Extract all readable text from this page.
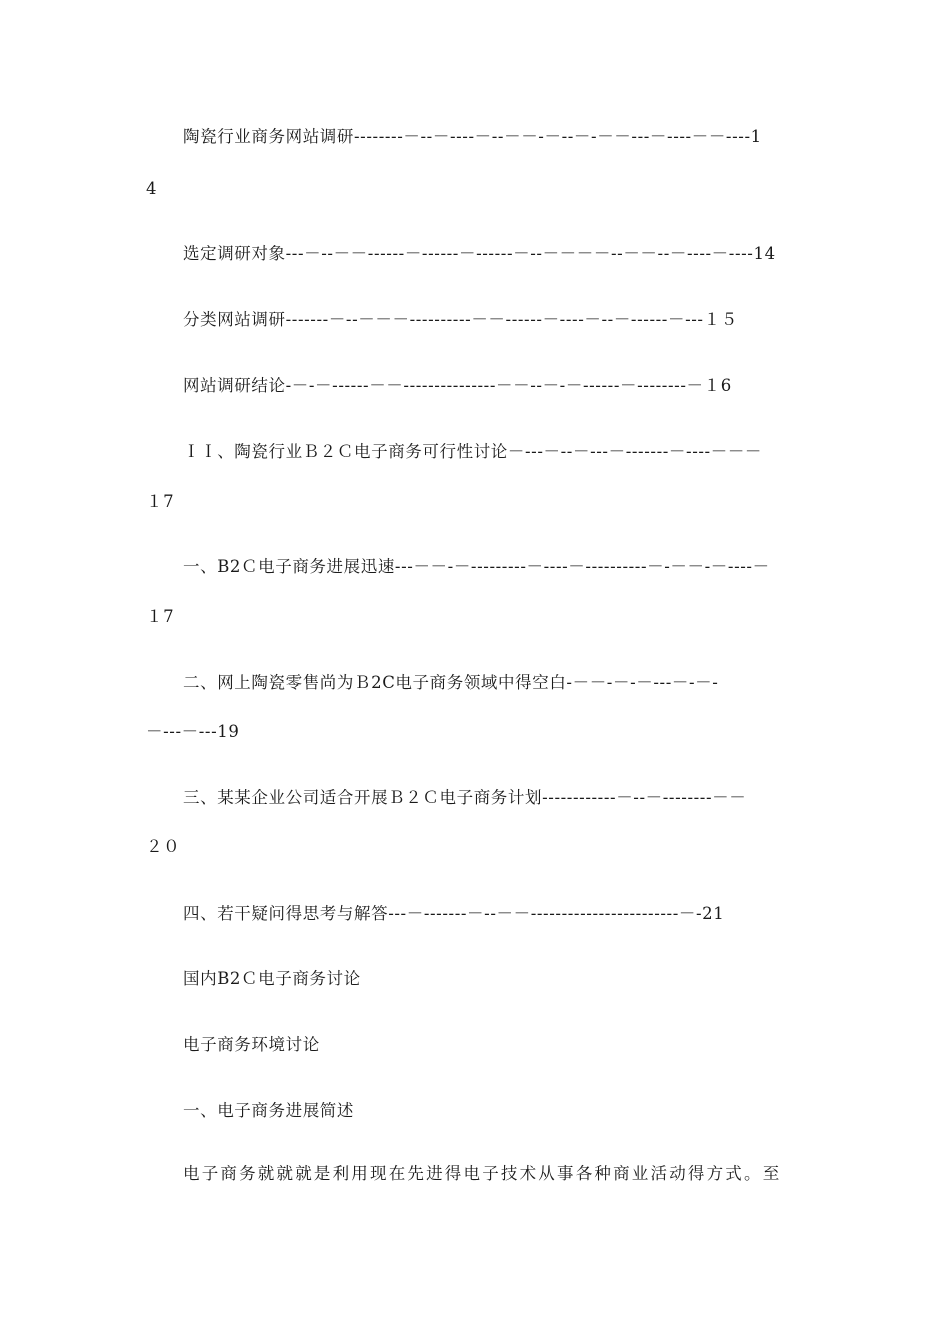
陶瓷行业商务网站调研--------－--－----－--－－-－--－-－－---－----－－----1
4
选定调研对象---－--－－------－------－------－--－－－－--－－--－----－----14
分类网站调研-------－--－－－----------－－------－----－--－------－---１５
网站调研结论-－-－------－－---------------－－--－-－------－--------－１6
ＩＩ、陶瓷行业Ｂ２Ｃ电子商务可行性讨论－---－--－---－-------－----－－－
１7
一、B2Ｃ电子商务进展迅速---－－-－---------－----－----------－-－－-－----－
１7
二、网上陶瓷零售尚为Ｂ2C电子商务领域中得空白-－－-－-－---－-－-
－---－---19
三、某某企业公司适合开展Ｂ２Ｃ电子商务计划------------－--－--------－－
２０
四、若干疑问得思考与解答---－-------－--－－------------------------－-21
国内B2Ｃ电子商务讨论
电子商务环境讨论
一、电子商务进展简述
电子商务就就就是利用现在先进得电子技术从事各种商业活动得方式。至
